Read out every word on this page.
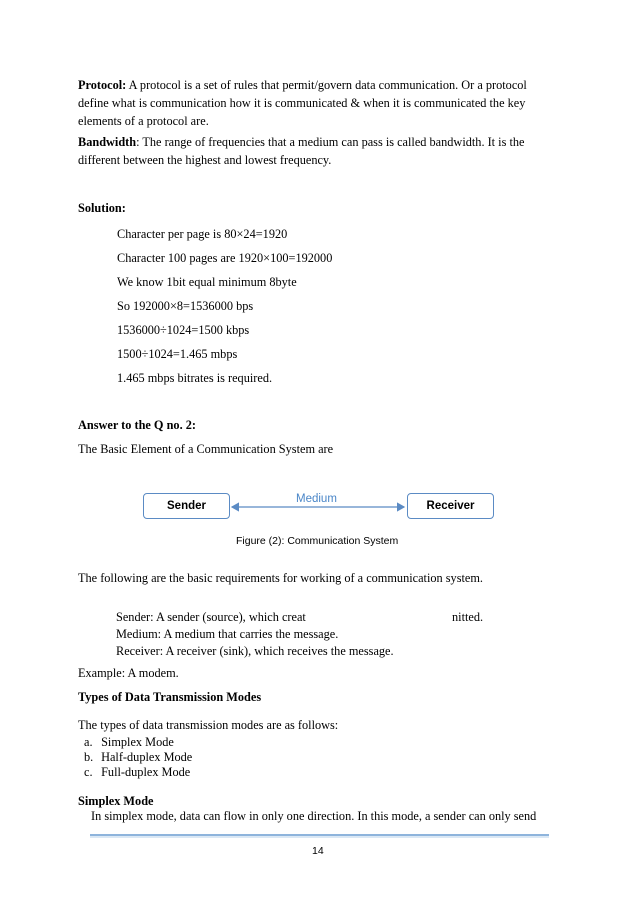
Protocol: A protocol is a set of rules that permit/govern data communication. Or a protocol
define what is communication how it is communicated & when it is communicated the key
elements of a protocol are.
Bandwidth: The range of frequencies that a medium can pass is called bandwidth. It is the
different between the highest and lowest frequency.
Solution:
Character per page is 80×24=1920
Character 100 pages are 1920×100=192000
We know 1bit equal minimum 8byte
So 192000×8=1536000 bps
1536000÷1024=1500 kbps
1500÷1024=1.465 mbps
1.465 mbps bitrates is required.
Answer to the Q no. 2:
The Basic Element of a Communication System are
Sender	Receiver
Medium
Figure (2): Communication System
The following are the basic requirements for working of a communication system.
Sender: A sender (source), which creat	nitted.
Medium: A medium that carries the message.
Receiver: A receiver (sink), which receives the message.
Example: A modem.
Types of Data Transmission Modes
The types of data transmission modes are as follows:
a. Simplex Mode
b. Half-duplex Mode
c. Full-duplex Mode
Simplex Mode
In simplex mode, data can flow in only one direction. In this mode, a sender can only send
14
